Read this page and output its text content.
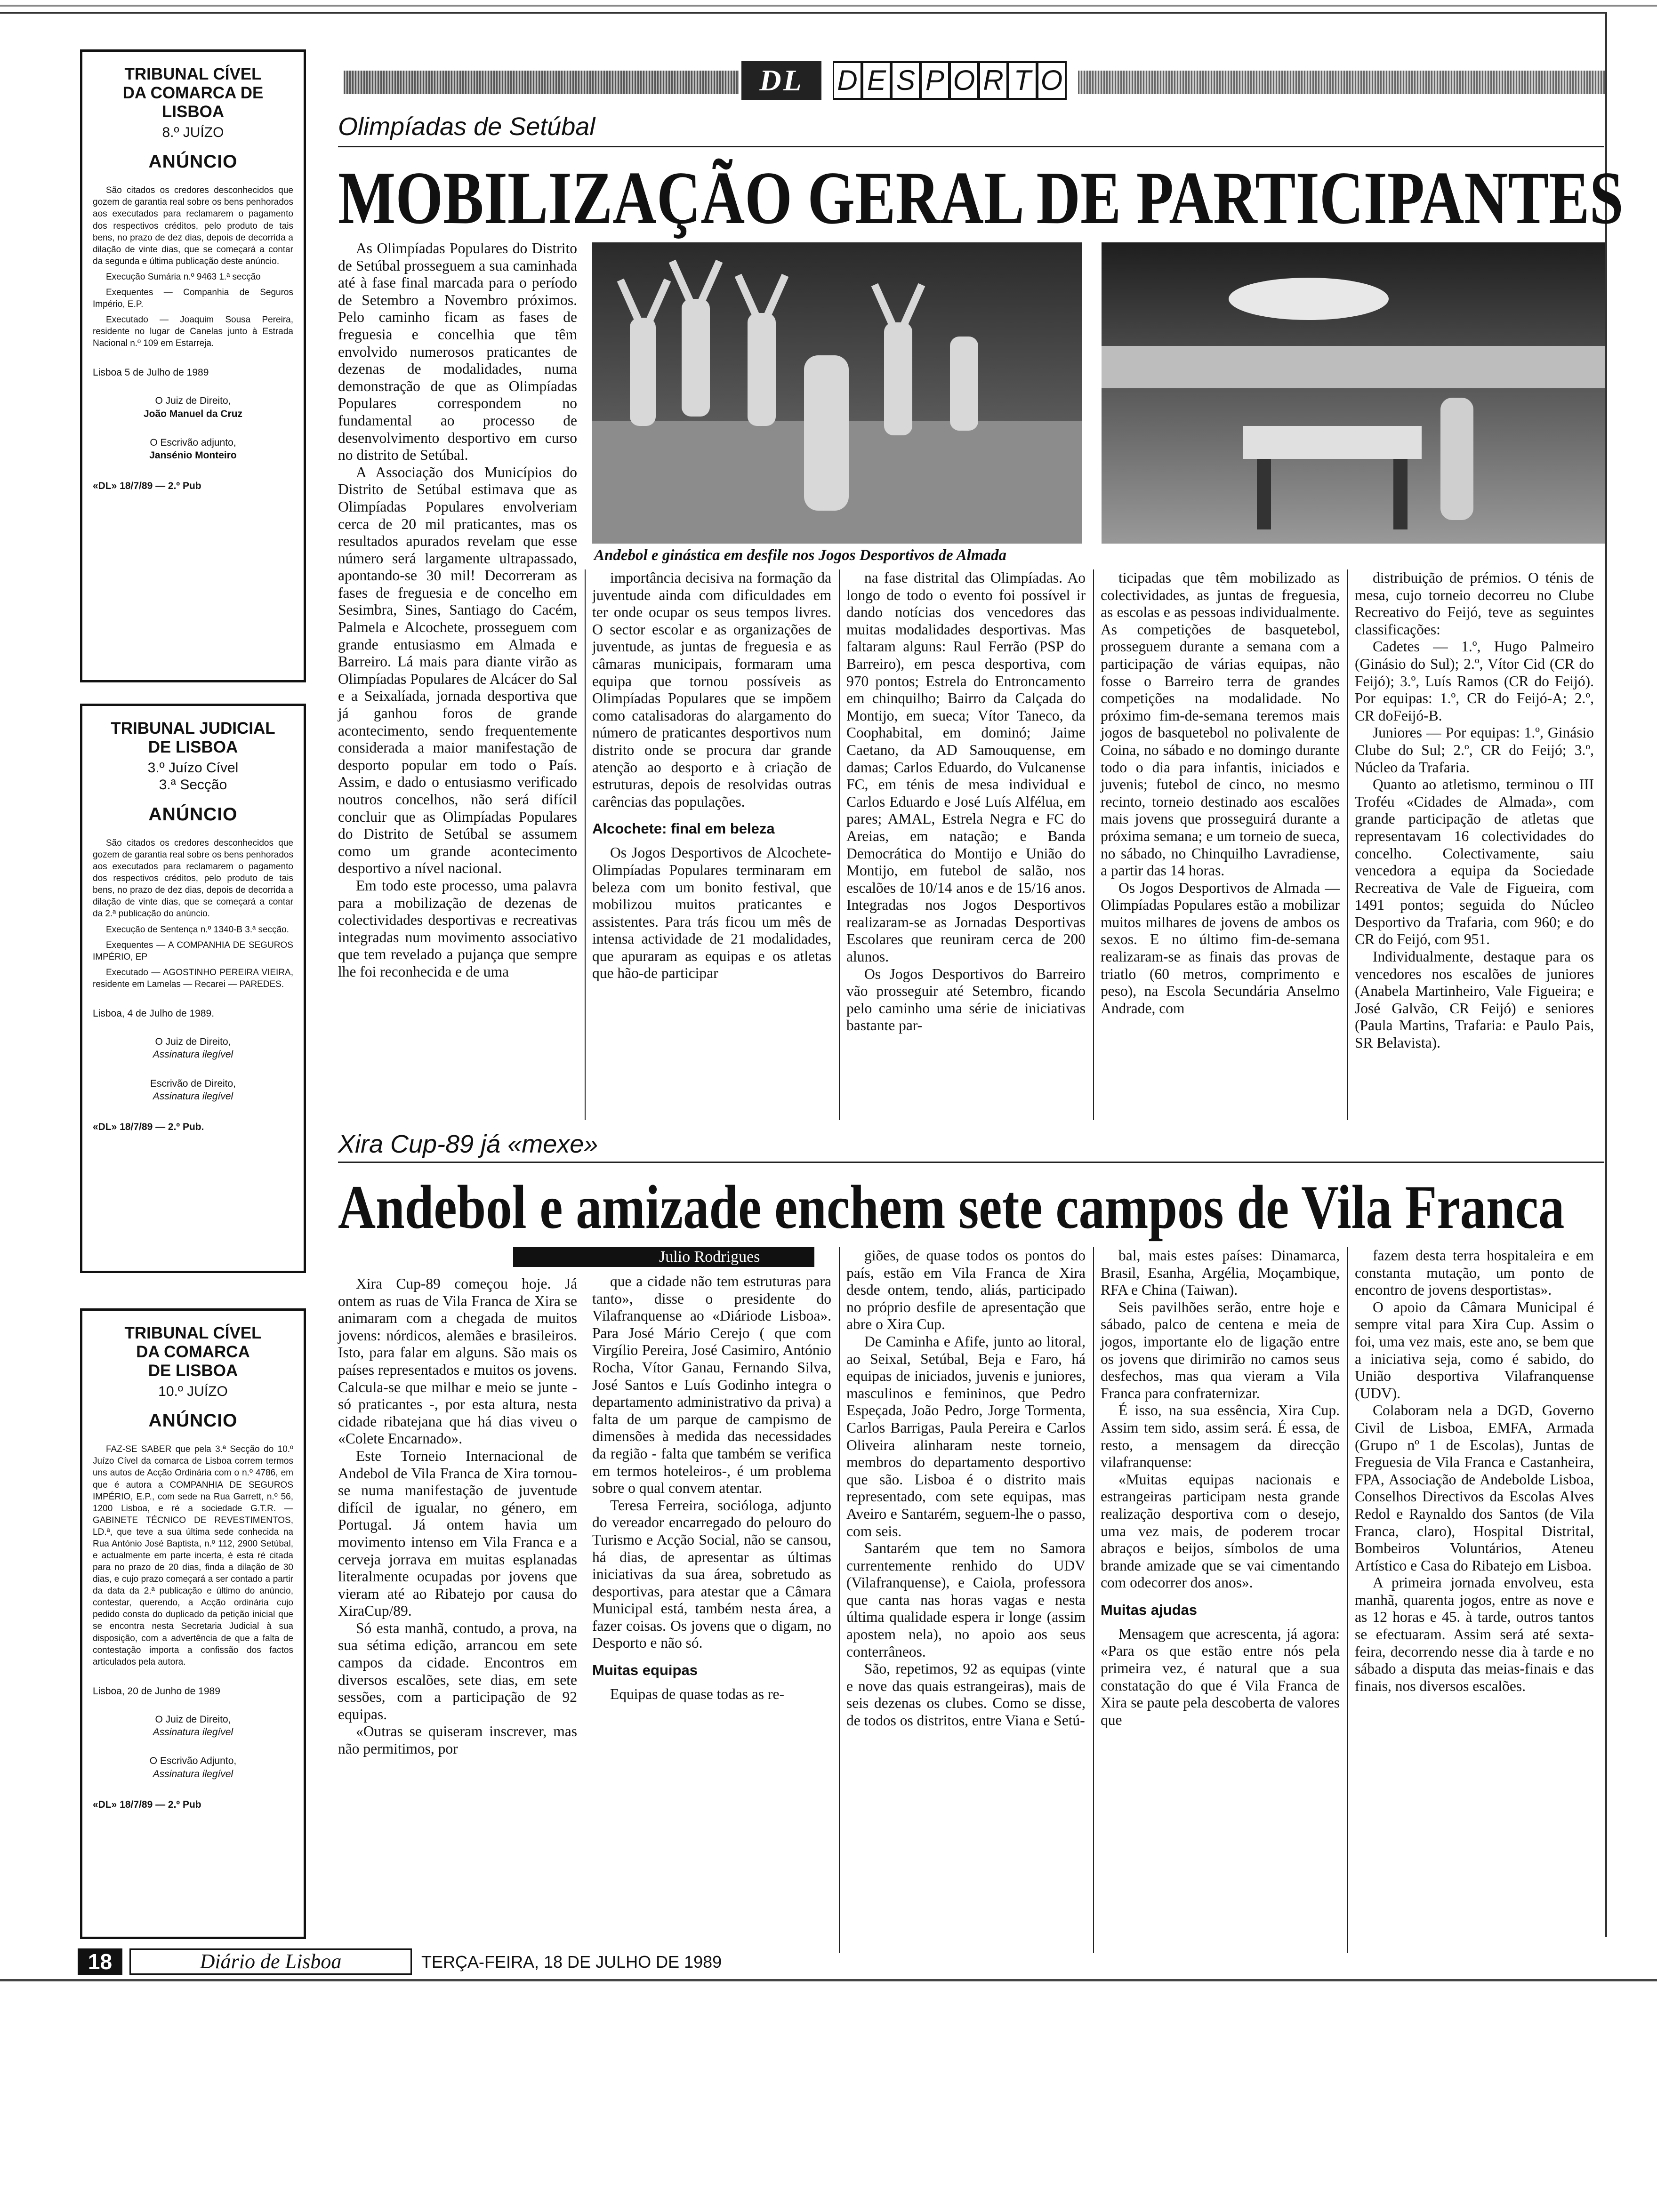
DL	D E S P O R T O
TRIBUNAL CÍVEL
DA COMARCA DE LISBOA
8.º JUÍZO
ANÚNCIO

São citados os credores desconhecidos que gozem de garantia real sobre os bens penhorados aos executados para reclamarem o pagamento dos respectivos créditos, pelo produto de tais bens, no prazo de dez dias, depois de decorrida a dilação de vinte dias, que se começará a contar da segunda e última publicação deste anúncio.

Execução Sumária n.º 9463 1.ª secção

Exequentes — Companhia de Seguros Império, E.P.

Executado — Joaquim Sousa Pereira, residente no lugar de Canelas junto à Estrada Nacional n.º 109 em Estarreja.

Lisboa 5 de Julho de 1989
O Juiz de Direito,
João Manuel da Cruz
O Escrivão adjunto,
Jansénio Monteiro
«DL» 18/7/89 — 2.º Pub
TRIBUNAL JUDICIAL
DE LISBOA
3.º Juízo Cível
3.ª Secção
ANÚNCIO

São citados os credores desconhecidos que gozem de garantia real sobre os bens penhorados aos executados para reclamarem o pagamento dos respectivos créditos, pelo produto de tais bens, no prazo de dez dias, depois de decorrida a dilação de vinte dias, que se começará a contar da 2.ª publicação do anúncio.

Execução de Sentença n.º 1340-B 3.ª secção.

Exequentes — A COMPANHIA DE SEGUROS IMPÉRIO, EP

Executado — AGOSTINHO PEREIRA VIEIRA, residente em Lamelas — Recarei — PAREDES.

Lisboa, 4 de Julho de 1989.
O Juiz de Direito,
Assinatura ilegível
Escrivão de Direito,
Assinatura ilegível
«DL» 18/7/89 — 2.º Pub.
TRIBUNAL CÍVEL
DA COMARCA
DE LISBOA
10.º JUÍZO
ANÚNCIO

FAZ-SE SABER que pela 3.ª Secção do 10.º Juízo Cível da comarca de Lisboa correm termos uns autos de Acção Ordinária com o n.º 4786, em que é autora a COMPANHIA DE SEGUROS IMPÉRIO, E.P., com sede na Rua Garrett, n.º 56, 1200 Lisboa, e ré a sociedade G.T.R. — GABINETE TÉCNICO DE REVESTIMENTOS, LD.ª, que teve a sua última sede conhecida na Rua António José Baptista, n.º 112, 2900 Setúbal, e actualmente em parte incerta, é esta ré citada para no prazo de 20 dias, finda a dilação de 30 dias, e cujo prazo começará a ser contado a partir da data da 2.ª publicação e último do anúncio, contestar, querendo, a Acção ordinária cujo pedido consta do duplicado da petição inicial que se encontra nesta Secretaria Judicial à sua disposição, com a advertência de que a falta de contestação importa a confissão dos factos articulados pela autora.

Lisboa, 20 de Junho de 1989
O Juiz de Direito,
Assinatura ilegível
O Escrivão Adjunto,
Assinatura ilegível
«DL» 18/7/89 — 2.º Pub
Olimpíadas de Setúbal
MOBILIZAÇÃO GERAL DE PARTICIPANTES
Andebol e ginástica em desfile nos Jogos Desportivos de Almada

As Olimpíadas Populares do Distrito de Setúbal prosseguem a sua caminhada até à fase final marcada para o período de Setembro a Novembro próximos. Pelo caminho ficam as fases de freguesia e concelhia que têm envolvido numerosos praticantes de dezenas de modalidades, numa demonstração de que as Olimpíadas Populares correspondem no fundamental ao processo de desenvolvimento desportivo em curso no distrito de Setúbal.

A Associação dos Municípios do Distrito de Setúbal estimava que as Olimpíadas Populares envolveriam cerca de 20 mil praticantes, mas os resultados apurados revelam que esse número será largamente ultrapassado, apontando-se 30 mil! Decorreram as fases de freguesia e de concelho em Sesimbra, Sines, Santiago do Cacém, Palmela e Alcochete, prosseguem com grande entusiasmo em Almada e Barreiro. Lá mais para diante virão as Olimpíadas Populares de Alcácer do Sal e a Seixalíada, jornada desportiva que já ganhou foros de grande acontecimento, sendo frequentemente considerada a maior manifestação de desporto popular em todo o País. Assim, e dado o entusiasmo verificado noutros concelhos, não será difícil concluir que as Olimpíadas Populares do Distrito de Setúbal se assumem como um grande acontecimento desportivo a nível nacional.

Em todo este processo, uma palavra para a mobilização de dezenas de colectividades desportivas e recreativas integradas num movimento associativo que tem revelado a pujança que sempre lhe foi reconhecida e de uma

importância decisiva na formação da juventude ainda com dificuldades em ter onde ocupar os seus tempos livres. O sector escolar e as organizações de juventude, as juntas de freguesia e as câmaras municipais, formaram uma equipa que tornou possíveis as Olimpíadas Populares que se impõem como catalisadoras do alargamento do número de praticantes desportivos num distrito onde se procura dar grande atenção ao desporto e à criação de estruturas, depois de resolvidas outras carências das populações.

Alcochete: final em beleza

Os Jogos Desportivos de Alcochete-Olimpíadas Populares terminaram em beleza com um bonito festival, que mobilizou muitos praticantes e assistentes. Para trás ficou um mês de intensa actividade de 21 modalidades, que apuraram as equipas e os atletas que hão-de participar

na fase distrital das Olimpíadas. Ao longo de todo o evento foi possível ir dando notícias dos vencedores das muitas modalidades desportivas. Mas faltaram alguns: Raul Ferrão (PSP do Barreiro), em pesca desportiva, com 970 pontos; Estrela do Entroncamento em chinquilho; Bairro da Calçada do Montijo, em sueca; Vítor Taneco, da Coophabital, em dominó; Jaime Caetano, da AD Samouquense, em damas; Carlos Eduardo, do Vulcanense FC, em ténis de mesa individual e Carlos Eduardo e José Luís Alfélua, em pares; AMAL, Estrela Negra e FC do Areias, em natação; e Banda Democrática do Montijo e União do Montijo, em futebol de salão, nos escalões de 10/14 anos e de 15/16 anos. Integradas nos Jogos Desportivos realizaram-se as Jornadas Desportivas Escolares que reuniram cerca de 200 alunos.

Os Jogos Desportivos do Barreiro vão prosseguir até Setembro, ficando pelo caminho uma série de iniciativas bastante par-

ticipadas que têm mobilizado as colectividades, as juntas de freguesia, as escolas e as pessoas individualmente. As competições de basquetebol, prosseguem durante a semana com a participação de várias equipas, não fosse o Barreiro terra de grandes competições na modalidade. No próximo fim-de-semana teremos mais jogos de basquetebol no polivalente de Coina, no sábado e no domingo durante todo o dia para infantis, iniciados e juvenis; futebol de cinco, no mesmo recinto, torneio destinado aos escalões mais jovens que prosseguirá durante a próxima semana; e um torneio de sueca, no sábado, no Chinquilho Lavradiense, a partir das 14 horas.

Os Jogos Desportivos de Almada — Olimpíadas Populares estão a mobilizar muitos milhares de jovens de ambos os sexos. E no último fim-de-semana realizaram-se as finais das provas de triatlo (60 metros, comprimento e peso), na Escola Secundária Anselmo Andrade, com

distribuição de prémios. O ténis de mesa, cujo torneio decorreu no Clube Recreativo do Feijó, teve as seguintes classificações:

Cadetes — 1.º, Hugo Palmeiro (Ginásio do Sul); 2.º, Vítor Cid (CR do Feijó); 3.º, Luís Ramos (CR do Feijó). Por equipas: 1.º, CR do Feijó-A; 2.º, CR doFeijó-B.

Juniores — Por equipas: 1.º, Ginásio Clube do Sul; 2.º, CR do Feijó; 3.º, Núcleo da Trafaria.

Quanto ao atletismo, terminou o III Troféu «Cidades de Almada», com grande participação de atletas que representavam 16 colectividades do concelho. Colectivamente, saiu vencedora a equipa da Sociedade Recreativa de Vale de Figueira, com 1491 pontos; seguida do Núcleo Desportivo da Trafaria, com 960; e do CR do Feijó, com 951.

Individualmente, destaque para os vencedores nos escalões de juniores (Anabela Martinheiro, Vale Figueira; e José Galvão, CR Feijó) e seniores (Paula Martins, Trafaria: e Paulo Pais, SR Belavista).

Xira Cup-89 já «mexe»
Andebol e amizade enchem sete campos de Vila Franca
Julio Rodrigues

Xira Cup-89 começou hoje. Já ontem as ruas de Vila Franca de Xira se animaram com a chegada de muitos jovens: nórdicos, alemães e brasileiros. Isto, para falar em alguns. São mais os países representados e muitos os jovens. Calcula-se que milhar e meio se junte - só praticantes -, por esta altura, nesta cidade ribatejana que há dias viveu o «Colete Encarnado».

Este Torneio Internacional de Andebol de Vila Franca de Xira tornou-se numa manifestação de juventude difícil de igualar, no género, em Portugal. Já ontem havia um movimento intenso em Vila Franca e a cerveja jorrava em muitas esplanadas literalmente ocupadas por jovens que vieram até ao Ribatejo por causa do XiraCup/89.

Só esta manhã, contudo, a prova, na sua sétima edição, arrancou em sete campos da cidade. Encontros em diversos escalões, sete dias, em sete sessões, com a participação de 92 equipas.

«Outras se quiseram inscrever, mas não permitimos, por

que a cidade não tem estruturas para tanto», disse o presidente do Vilafranquense ao «Diáriode Lisboa». Para José Mário Cerejo ( que com Virgílio Pereira, José Casimiro, António Rocha, Vítor Ganau, Fernando Silva, José Santos e Luís Godinho integra o departamento administrativo da priva) a falta de um parque de campismo de dimensões à medida das necessidades da região - falta que também se verifica em termos hoteleiros-, é um problema sobre o qual convem atentar.

Teresa Ferreira, socióloga, adjunto do vereador encarregado do pelouro do Turismo e Acção Social, não se cansou, há dias, de apresentar as últimas iniciativas da sua área, sobretudo as desportivas, para atestar que a Câmara Municipal está, também nesta área, a fazer coisas. Os jovens que o digam, no Desporto e não só.

Muitas equipas

Equipas de quase todas as re-

giões, de quase todos os pontos do país, estão em Vila Franca de Xira desde ontem, tendo, aliás, participado no próprio desfile de apresentação que abre o Xira Cup.

De Caminha e Afife, junto ao litoral, ao Seixal, Setúbal, Beja e Faro, há equipas de iniciados, juvenis e juniores, masculinos e femininos, que Pedro Espeçada, João Pedro, Jorge Tormenta, Carlos Barrigas, Paula Pereira e Carlos Oliveira alinharam neste torneio, membros do departamento desportivo que são. Lisboa é o distrito mais representado, com sete equipas, mas Aveiro e Santarém, seguem-lhe o passo, com seis.

Santarém que tem no Samora currentemente renhido do UDV (Vilafranquense), e Caiola, professora que canta nas horas vagas e nesta última qualidade espera ir longe (assim apostem nela), no apoio aos seus conterrâneos.

São, repetimos, 92 as equipas (vinte e nove das quais estrangeiras), mais de seis dezenas os clubes. Como se disse, de todos os distritos, entre Viana e Setú-

bal, mais estes países: Dinamarca, Brasil, Esanha, Argélia, Moçambique, RFA e China (Taiwan).

Seis pavilhões serão, entre hoje e sábado, palco de centena e meia de jogos, importante elo de ligação entre os jovens que dirimirão no camos seus desfechos, mas qua vieram a Vila Franca para confraternizar.

É isso, na sua essência, Xira Cup. Assim tem sido, assim será. É essa, de resto, a mensagem da direcção vilafranquense:

«Muitas equipas nacionais e estrangeiras participam nesta grande realização desportiva com o desejo, uma vez mais, de poderem trocar abraços e beijos, símbolos de uma brande amizade que se vai cimentando com odecorrer dos anos».

Muitas ajudas

Mensagem que acrescenta, já agora: «Para os que estão entre nós pela primeira vez, é natural que a sua constatação do que é Vila Franca de Xira se paute pela descoberta de valores que

fazem desta terra hospitaleira e em constanta mutação, um ponto de encontro de jovens desportistas».

O apoio da Câmara Municipal é sempre vital para Xira Cup. Assim o foi, uma vez mais, este ano, se bem que a iniciativa seja, como é sabido, do União desportiva Vilafranquense (UDV).

Colaboram nela a DGD, Governo Civil de Lisboa, EMFA, Armada (Grupo nº 1 de Escolas), Juntas de Freguesia de Vila Franca e Castanheira, FPA, Associação de Andebolde Lisboa, Conselhos Directivos da Escolas Alves Redol e Raynaldo dos Santos (de Vila Franca, claro), Hospital Distrital, Bombeiros Voluntários, Ateneu Artístico e Casa do Ribatejo em Lisboa.

A primeira jornada envolveu, esta manhã, quarenta jogos, entre as nove e as 12 horas e 45. à tarde, outros tantos se efectuaram. Assim será até sexta-feira, decorrendo nesse dia à tarde e no sábado a disputa das meias-finais e das finais, nos diversos escalões.

18	Diário de Lisboa	TERÇA-FEIRA, 18 DE JULHO DE 1989
